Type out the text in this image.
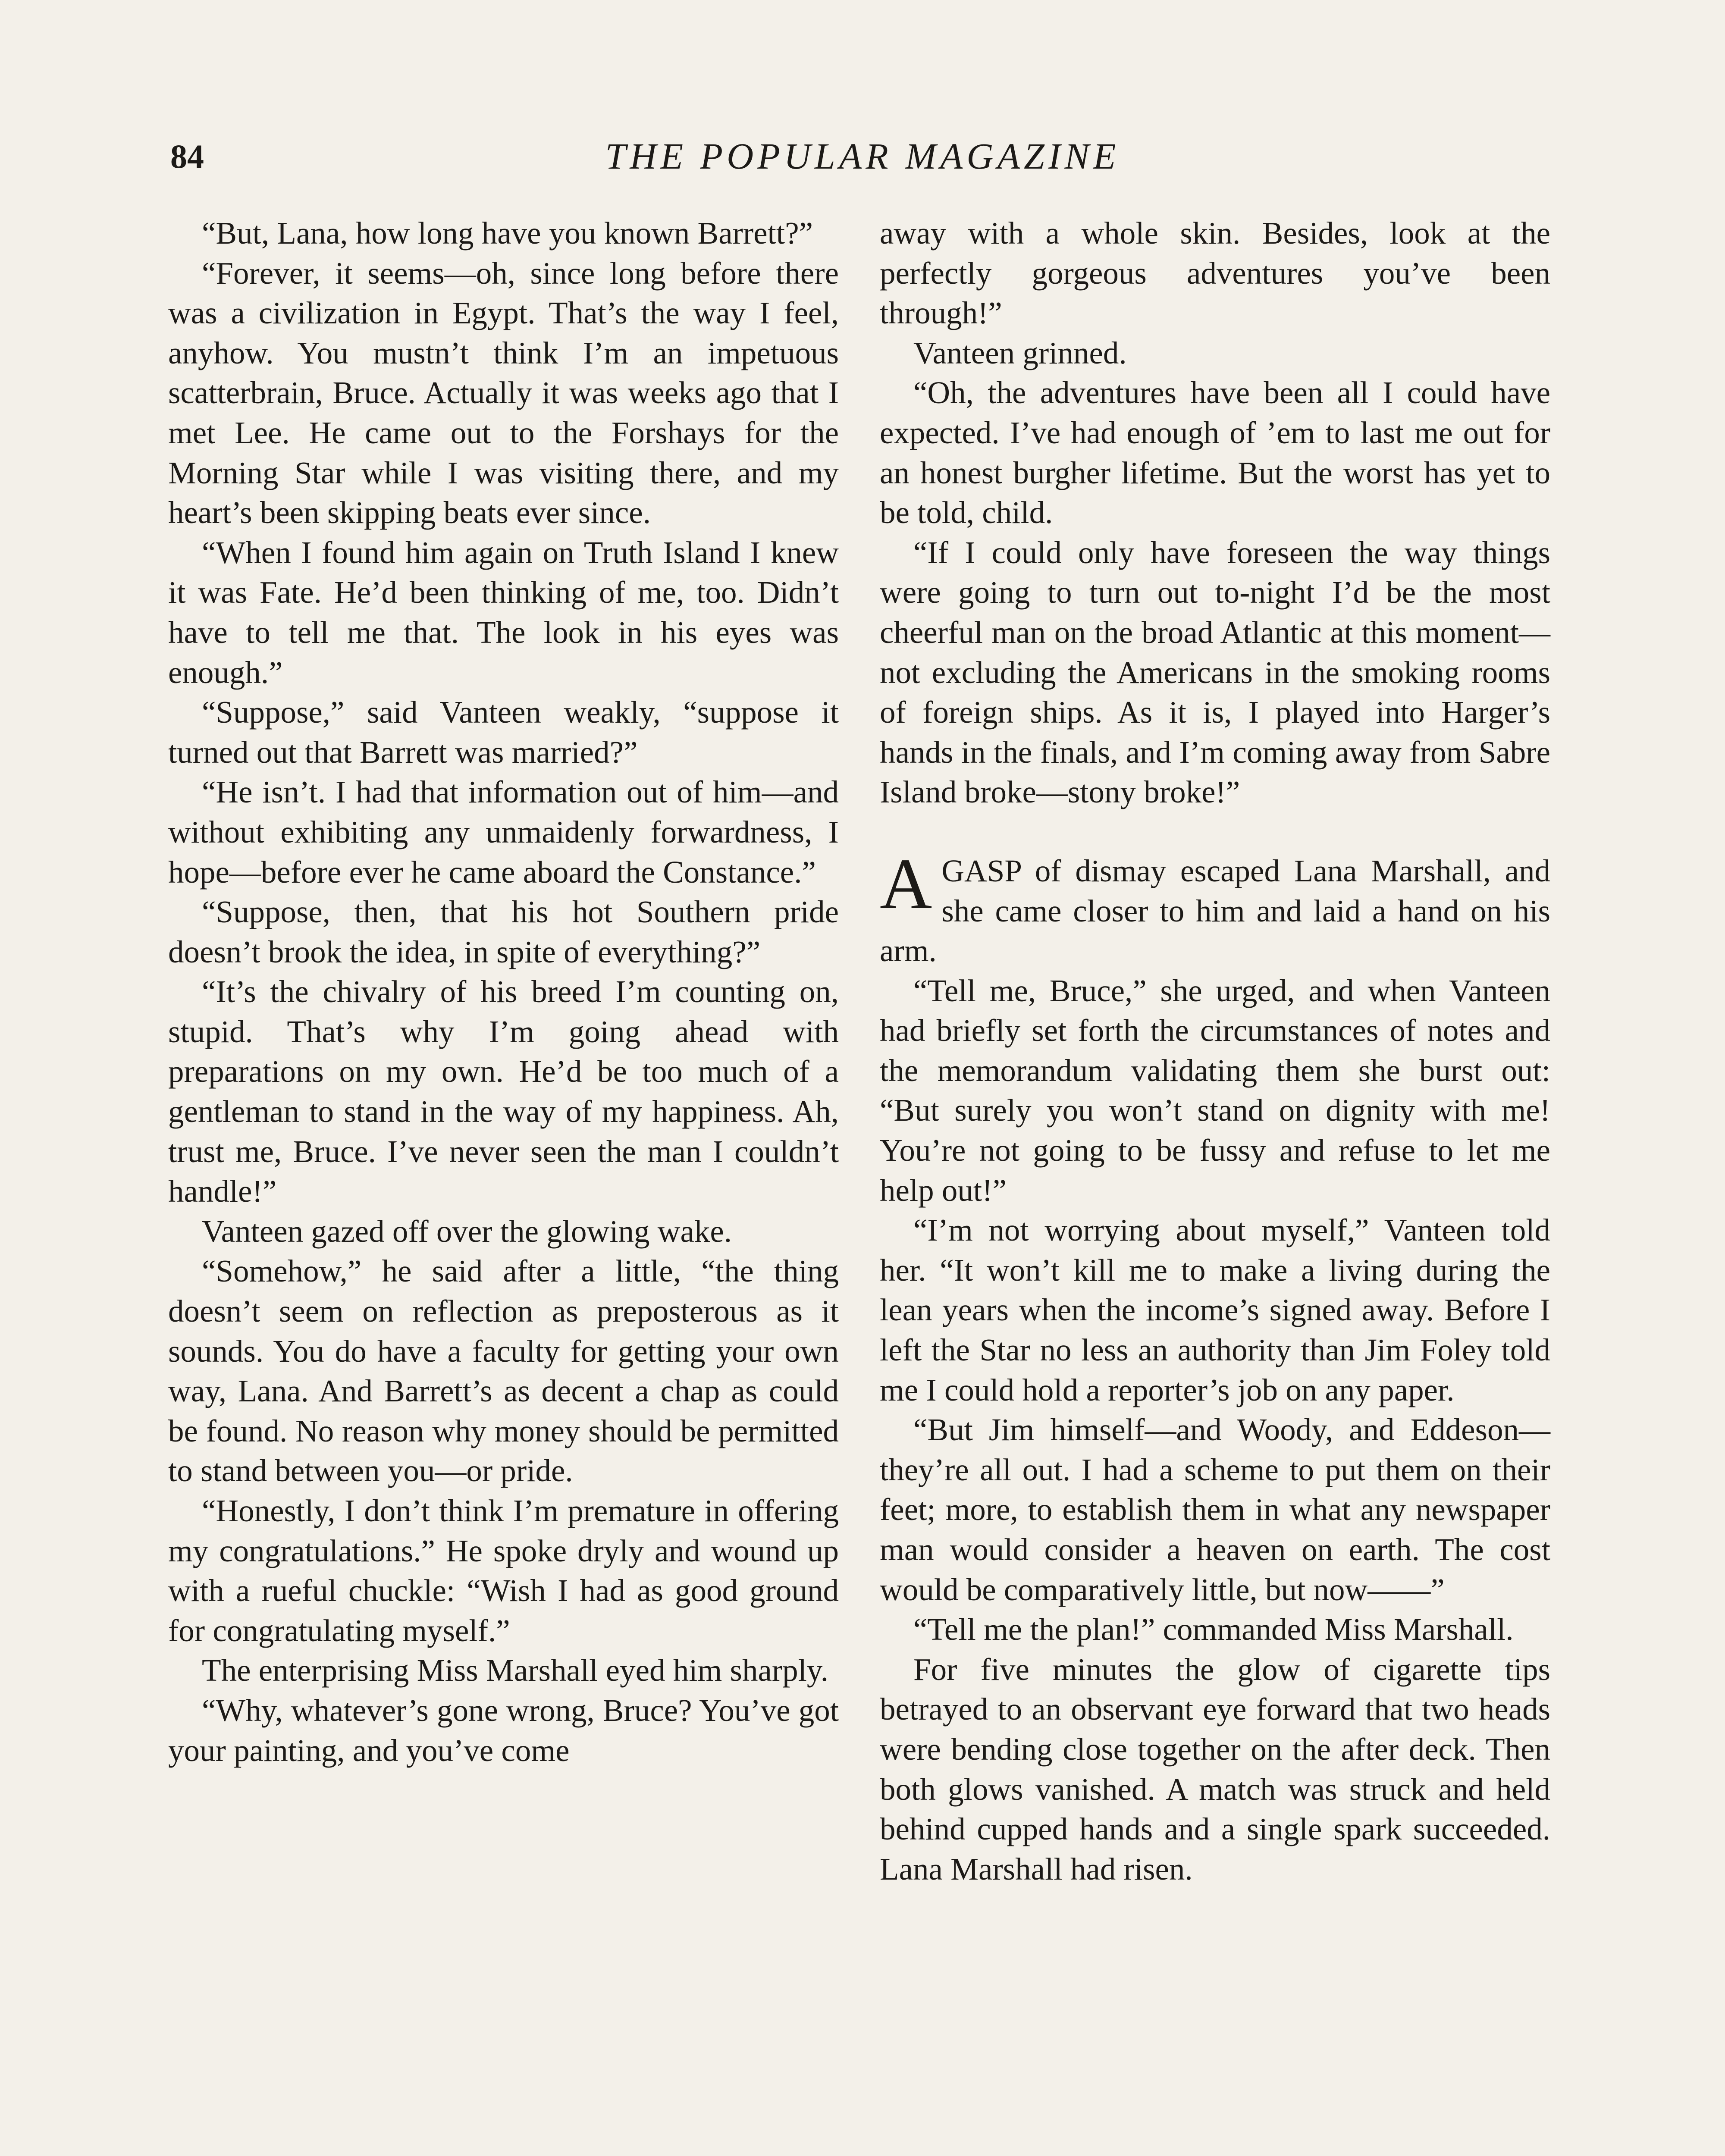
84	THE POPULAR MAGAZINE

“But, Lana, how long have you known Barrett?”

“Forever, it seems—oh, since long before there was a civilization in Egypt. That’s the way I feel, anyhow. You mustn’t think I’m an impetuous scatterbrain, Bruce. Actually it was weeks ago that I met Lee. He came out to the Forshays for the Morning Star while I was visiting there, and my heart’s been skipping beats ever since.

“When I found him again on Truth Island I knew it was Fate. He’d been thinking of me, too. Didn’t have to tell me that. The look in his eyes was enough.”

“Suppose,” said Vanteen weakly, “suppose it turned out that Barrett was married?”

“He isn’t. I had that information out of him—and without exhibiting any unmaidenly forwardness, I hope—before ever he came aboard the Constance.”

“Suppose, then, that his hot Southern pride doesn’t brook the idea, in spite of everything?”

“It’s the chivalry of his breed I’m counting on, stupid. That’s why I’m going ahead with preparations on my own. He’d be too much of a gentleman to stand in the way of my happiness. Ah, trust me, Bruce. I’ve never seen the man I couldn’t handle!”

Vanteen gazed off over the glowing wake.

“Somehow,” he said after a little, “the thing doesn’t seem on reflection as preposterous as it sounds. You do have a faculty for getting your own way, Lana. And Barrett’s as decent a chap as could be found. No reason why money should be permitted to stand between you—or pride.

“Honestly, I don’t think I’m premature in offering my congratulations.” He spoke dryly and wound up with a rueful chuckle: “Wish I had as good ground for congratulating myself.”

The enterprising Miss Marshall eyed him sharply.

“Why, whatever’s gone wrong, Bruce? You’ve got your painting, and you’ve come

away with a whole skin. Besides, look at the perfectly gorgeous adventures you’ve been through!”

Vanteen grinned.

“Oh, the adventures have been all I could have expected. I’ve had enough of ’em to last me out for an honest burgher lifetime. But the worst has yet to be told, child.

“If I could only have foreseen the way things were going to turn out to-night I’d be the most cheerful man on the broad Atlantic at this moment—not excluding the Americans in the smoking rooms of foreign ships. As it is, I played into Harger’s hands in the finals, and I’m coming away from Sabre Island broke—stony broke!”

AGASP of dismay escaped Lana Marshall, and she came closer to him and laid a hand on his arm.

“Tell me, Bruce,” she urged, and when Vanteen had briefly set forth the circumstances of notes and the memorandum validating them she burst out: “But surely you won’t stand on dignity with me! You’re not going to be fussy and refuse to let me help out!”

“I’m not worrying about myself,” Vanteen told her. “It won’t kill me to make a living during the lean years when the income’s signed away. Before I left the Star no less an authority than Jim Foley told me I could hold a reporter’s job on any paper.

“But Jim himself—and Woody, and Eddeson—they’re all out. I had a scheme to put them on their feet; more, to establish them in what any newspaper man would consider a heaven on earth. The cost would be comparatively little, but now——”

“Tell me the plan!” commanded Miss Marshall.

For five minutes the glow of cigarette tips betrayed to an observant eye forward that two heads were bending close together on the after deck. Then both glows vanished. A match was struck and held behind cupped hands and a single spark succeeded. Lana Marshall had risen.
